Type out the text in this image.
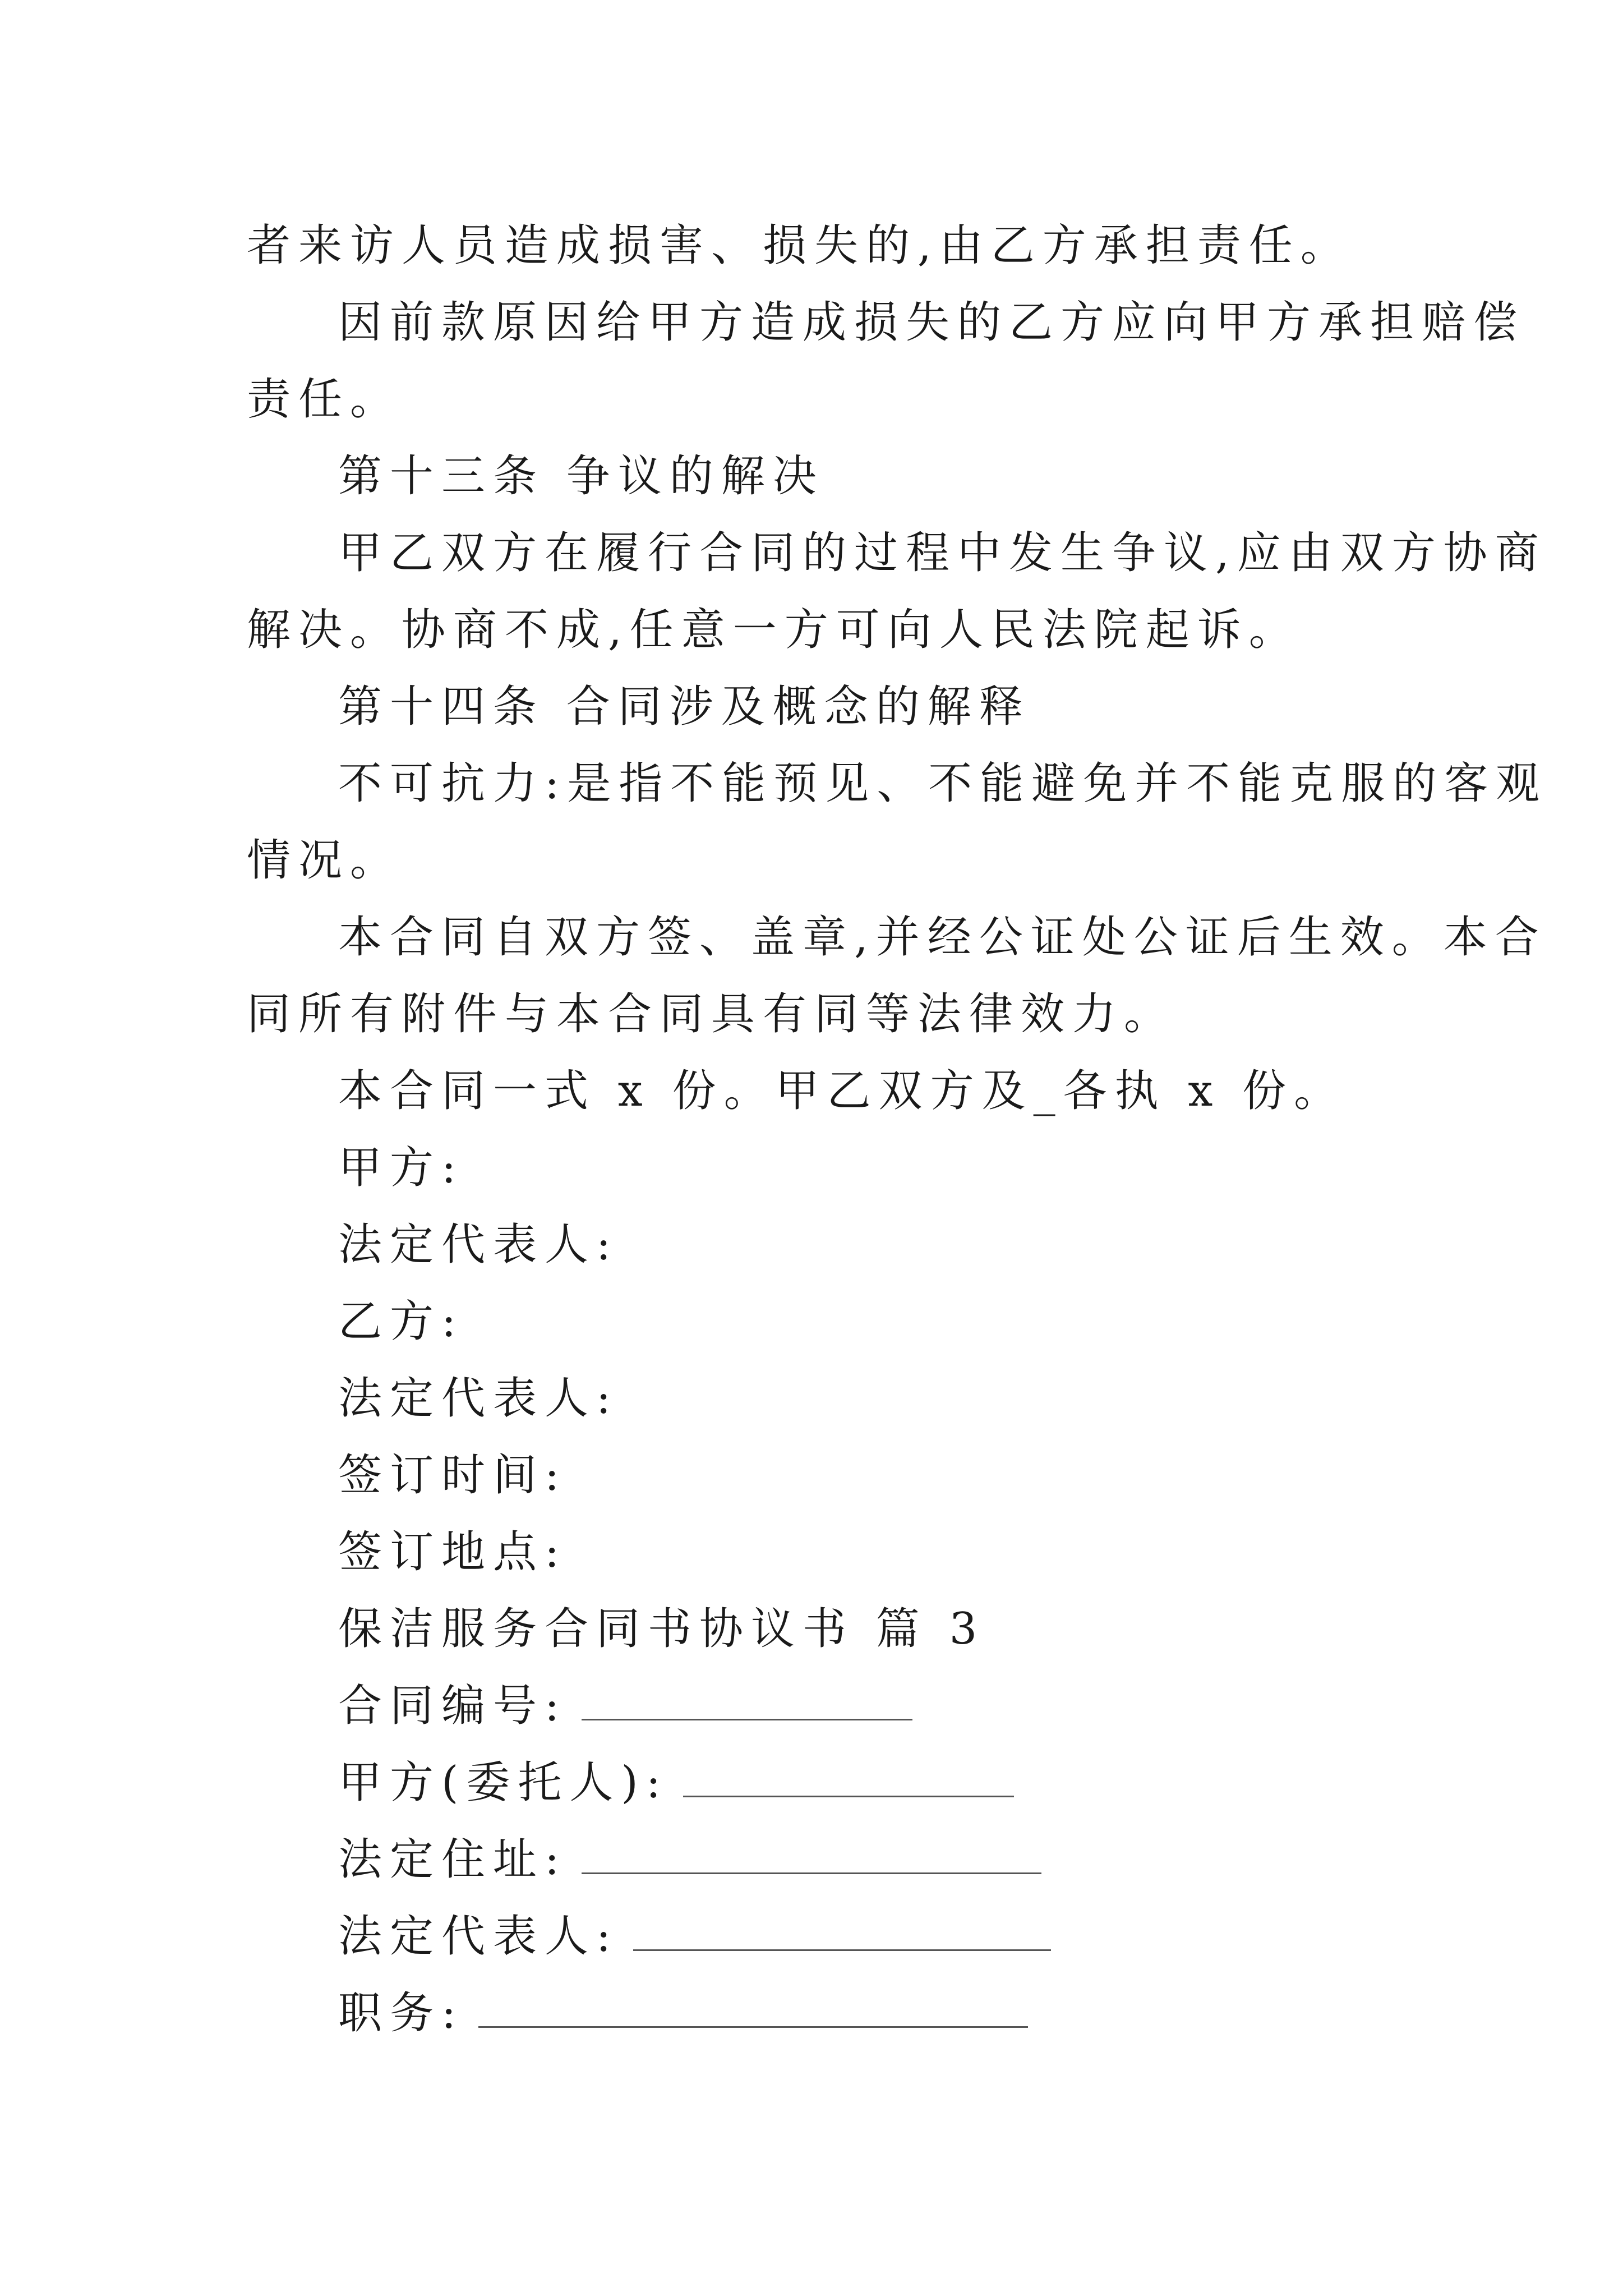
者来访人员造成损害、损失的,由乙方承担责任。

因前款原因给甲方造成损失的乙方应向甲方承担赔偿

责任。

第十三条 争议的解决

甲乙双方在履行合同的过程中发生争议,应由双方协商

解决。协商不成,任意一方可向人民法院起诉。

第十四条 合同涉及概念的解释

不可抗力:是指不能预见、不能避免并不能克服的客观

情况。

本合同自双方签、盖章,并经公证处公证后生效。本合

同所有附件与本合同具有同等法律效力。

本合同一式 x 份。甲乙双方及_各执 x 份。

甲方:

法定代表人:

乙方:

法定代表人:

签订时间:

签订地点:

保洁服务合同书协议书 篇 3

合同编号:

甲方(委托人):

法定住址:

法定代表人:

职务:
